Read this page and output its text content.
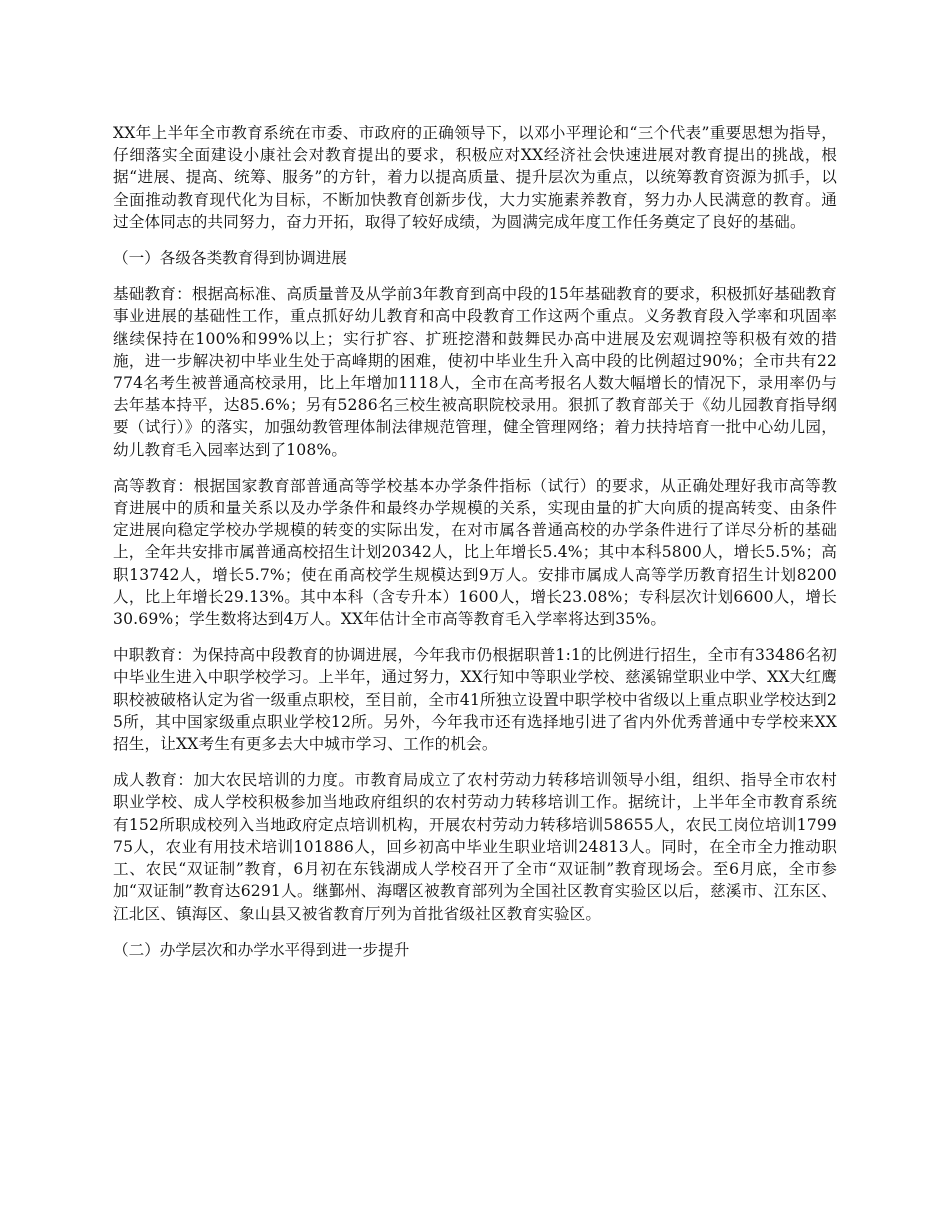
XX年上半年全市教育系统在市委、市政府的正确领导下，以邓小平理论和“三个代表”重要思想为指导，仔细落实全面建设小康社会对教育提出的要求，积极应对XX经济社会快速进展对教育提出的挑战，根据“进展、提高、统筹、服务”的方针，着力以提高质量、提升层次为重点，以统筹教育资源为抓手，以全面推动教育现代化为目标，不断加快教育创新步伐，大力实施素养教育，努力办人民满意的教育。通过全体同志的共同努力，奋力开拓，取得了较好成绩，为圆满完成年度工作任务奠定了良好的基础。

（一）各级各类教育得到协调进展

基础教育：根据高标准、高质量普及从学前3年教育到高中段的15年基础教育的要求，积极抓好基础教育事业进展的基础性工作，重点抓好幼儿教育和高中段教育工作这两个重点。义务教育段入学率和巩固率继续保持在100%和99%以上；实行扩容、扩班挖潜和鼓舞民办高中进展及宏观调控等积极有效的措施，进一步解决初中毕业生处于高峰期的困难，使初中毕业生升入高中段的比例超过90%；全市共有22774名考生被普通高校录用，比上年增加1118人，全市在高考报名人数大幅增长的情况下，录用率仍与去年基本持平，达85.6%；另有5286名三校生被高职院校录用。狠抓了教育部关于《幼儿园教育指导纲要（试行）》的落实，加强幼教管理体制法律规范管理，健全管理网络；着力扶持培育一批中心幼儿园，幼儿教育毛入园率达到了108%。

高等教育：根据国家教育部普通高等学校基本办学条件指标（试行）的要求，从正确处理好我市高等教育进展中的质和量关系以及办学条件和最终办学规模的关系，实现由量的扩大向质的提高转变、由条件定进展向稳定学校办学规模的转变的实际出发，在对市属各普通高校的办学条件进行了详尽分析的基础上，全年共安排市属普通高校招生计划20342人，比上年增长5.4%；其中本科5800人，增长5.5%；高职13742人，增长5.7%；使在甬高校学生规模达到9万人。安排市属成人高等学历教育招生计划8200人，比上年增长29.13%。其中本科（含专升本）1600人，增长23.08%；专科层次计划6600人，增长30.69%；学生数将达到4万人。XX年估计全市高等教育毛入学率将达到35%。

中职教育：为保持高中段教育的协调进展，今年我市仍根据职普1:1的比例进行招生，全市有33486名初中毕业生进入中职学校学习。上半年，通过努力，XX行知中等职业学校、慈溪锦堂职业中学、XX大红鹰职校被破格认定为省一级重点职校，至目前，全市41所独立设置中职学校中省级以上重点职业学校达到25所，其中国家级重点职业学校12所。另外，今年我市还有选择地引进了省内外优秀普通中专学校来XX招生，让XX考生有更多去大中城市学习、工作的机会。

成人教育：加大农民培训的力度。市教育局成立了农村劳动力转移培训领导小组，组织、指导全市农村职业学校、成人学校积极参加当地政府组织的农村劳动力转移培训工作。据统计，上半年全市教育系统有152所职成校列入当地政府定点培训机构，开展农村劳动力转移培训58655人，农民工岗位培训179975人，农业有用技术培训101886人，回乡初高中毕业生职业培训24813人。同时，在全市全力推动职工、农民“双证制”教育，6月初在东钱湖成人学校召开了全市“双证制”教育现场会。至6月底，全市参加“双证制”教育达6291人。继鄞州、海曙区被教育部列为全国社区教育实验区以后，慈溪市、江东区、江北区、镇海区、象山县又被省教育厅列为首批省级社区教育实验区。

（二）办学层次和办学水平得到进一步提升
